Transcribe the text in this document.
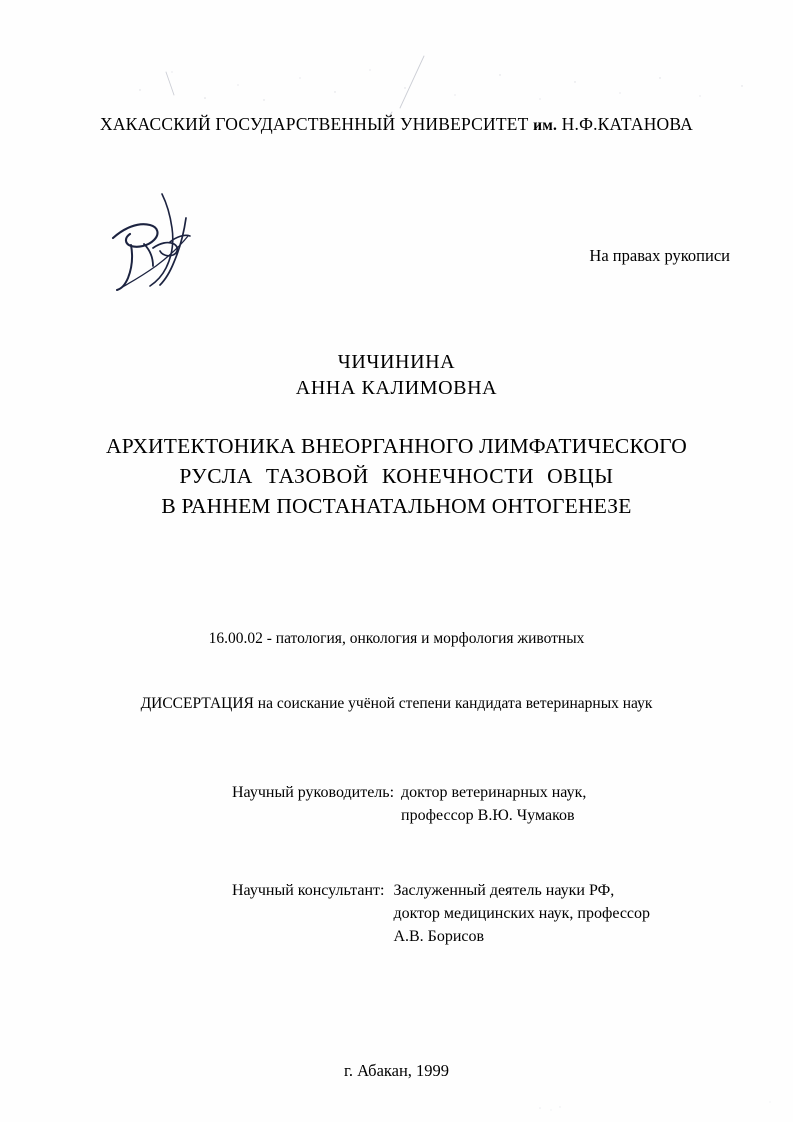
ХАКАССКИЙ ГОСУДАРСТВЕННЫЙ УНИВЕРСИТЕТ им. Н.Ф.КАТАНОВА
На правах рукописи
ЧИЧИНИНА
АННА КАЛИМОВНА
АРХИТЕКТОНИКА ВНЕОРГАННОГО ЛИМФАТИЧЕСКОГО
РУСЛА ТАЗОВОЙ КОНЕЧНОСТИ ОВЦЫ
В РАННЕМ ПОСТАНАТАЛЬНОМ ОНТОГЕНЕЗЕ
16.00.02 - патология, онкология и морфология животных
ДИССЕРТАЦИЯ на соискание учёной степени кандидата ветеринарных наук
Научный руководитель: доктор ветеринарных наук,
профессор В.Ю. Чумаков
Научный консультант: Заслуженный деятель науки РФ,
доктор медицинских наук, профессор
А.В. Борисов
г. Абакан, 1999
